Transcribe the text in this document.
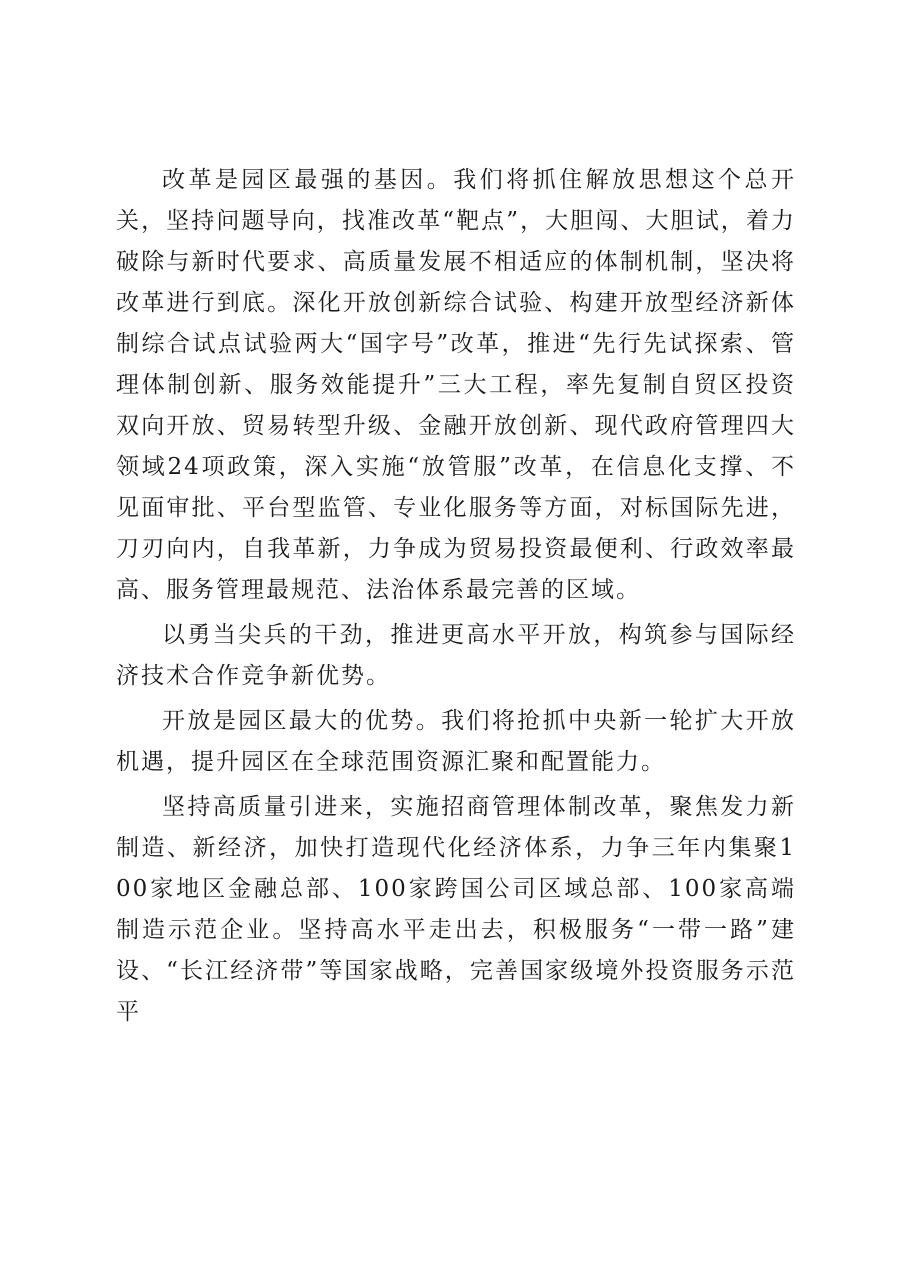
改革是园区最强的基因。我们将抓住解放思想这个总开关，坚持问题导向，找准改革“靶点”，大胆闯、大胆试，着力破除与新时代要求、高质量发展不相适应的体制机制，坚决将改革进行到底。深化开放创新综合试验、构建开放型经济新体制综合试点试验两大“国字号”改革，推进“先行先试探索、管理体制创新、服务效能提升”三大工程，率先复制自贸区投资双向开放、贸易转型升级、金融开放创新、现代政府管理四大领域24项政策，深入实施“放管服”改革，在信息化支撑、不见面审批、平台型监管、专业化服务等方面，对标国际先进，刀刃向内，自我革新，力争成为贸易投资最便利、行政效率最高、服务管理最规范、法治体系最完善的区域。

以勇当尖兵的干劲，推进更高水平开放，构筑参与国际经济技术合作竞争新优势。

开放是园区最大的优势。我们将抢抓中央新一轮扩大开放机遇，提升园区在全球范围资源汇聚和配置能力。

坚持高质量引进来，实施招商管理体制改革，聚焦发力新制造、新经济，加快打造现代化经济体系，力争三年内集聚100家地区金融总部、100家跨国公司区域总部、100家高端制造示范企业。坚持高水平走出去，积极服务“一带一路”建设、“长江经济带”等国家战略，完善国家级境外投资服务示范平
